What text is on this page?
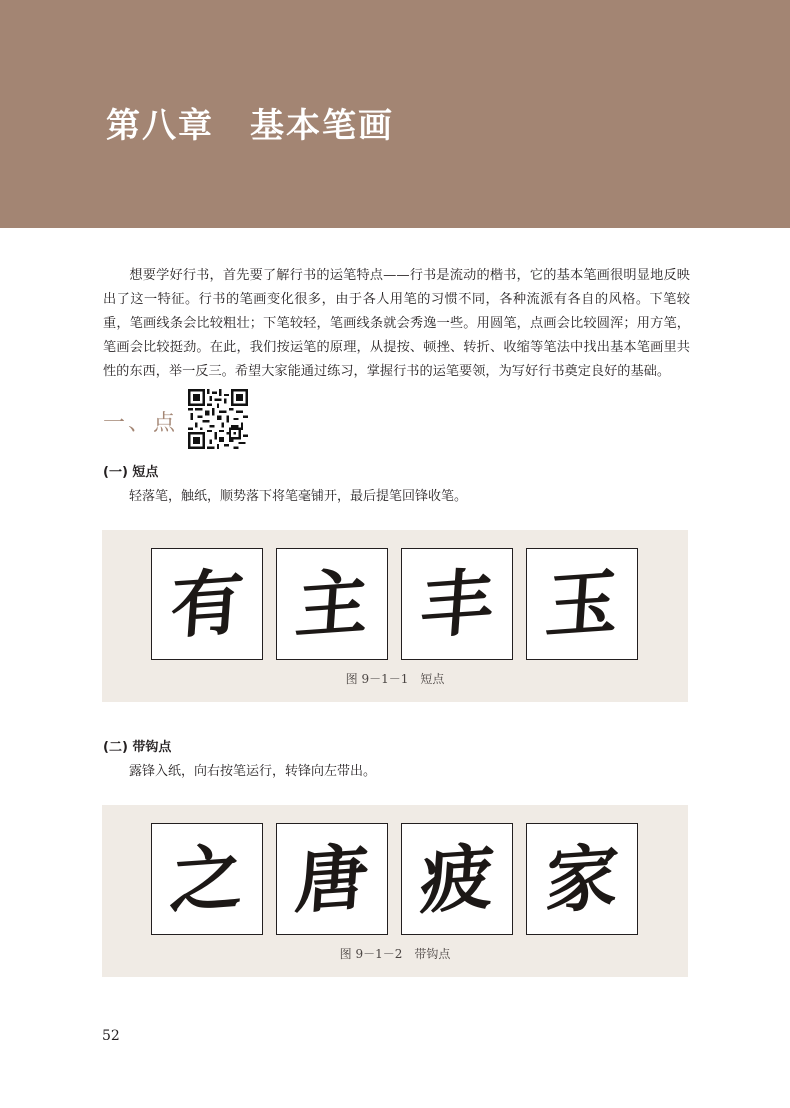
第八章　基本笔画

想要学好行书，首先要了解行书的运笔特点——行书是流动的楷书，它的基本笔画很明显地反映出了这一特征。行书的笔画变化很多，由于各人用笔的习惯不同，各种流派有各自的风格。下笔较重，笔画线条会比较粗壮；下笔较轻，笔画线条就会秀逸一些。用圆笔，点画会比较圆浑；用方笔，笔画会比较挺劲。在此，我们按运笔的原理，从提按、顿挫、转折、收缩等笔法中找出基本笔画里共性的东西，举一反三。希望大家能通过练习，掌握行书的运笔要领，为写好行书奠定良好的基础。

一、点
(一) 短点
轻落笔，触纸，顺势落下将笔毫铺开，最后提笔回锋收笔。
有 主 丰 玉
图 9－1－1　短点
(二) 带钩点
露锋入纸，向右按笔运行，转锋向左带出。
之 唐 疲 家
图 9－1－2　带钩点
52
